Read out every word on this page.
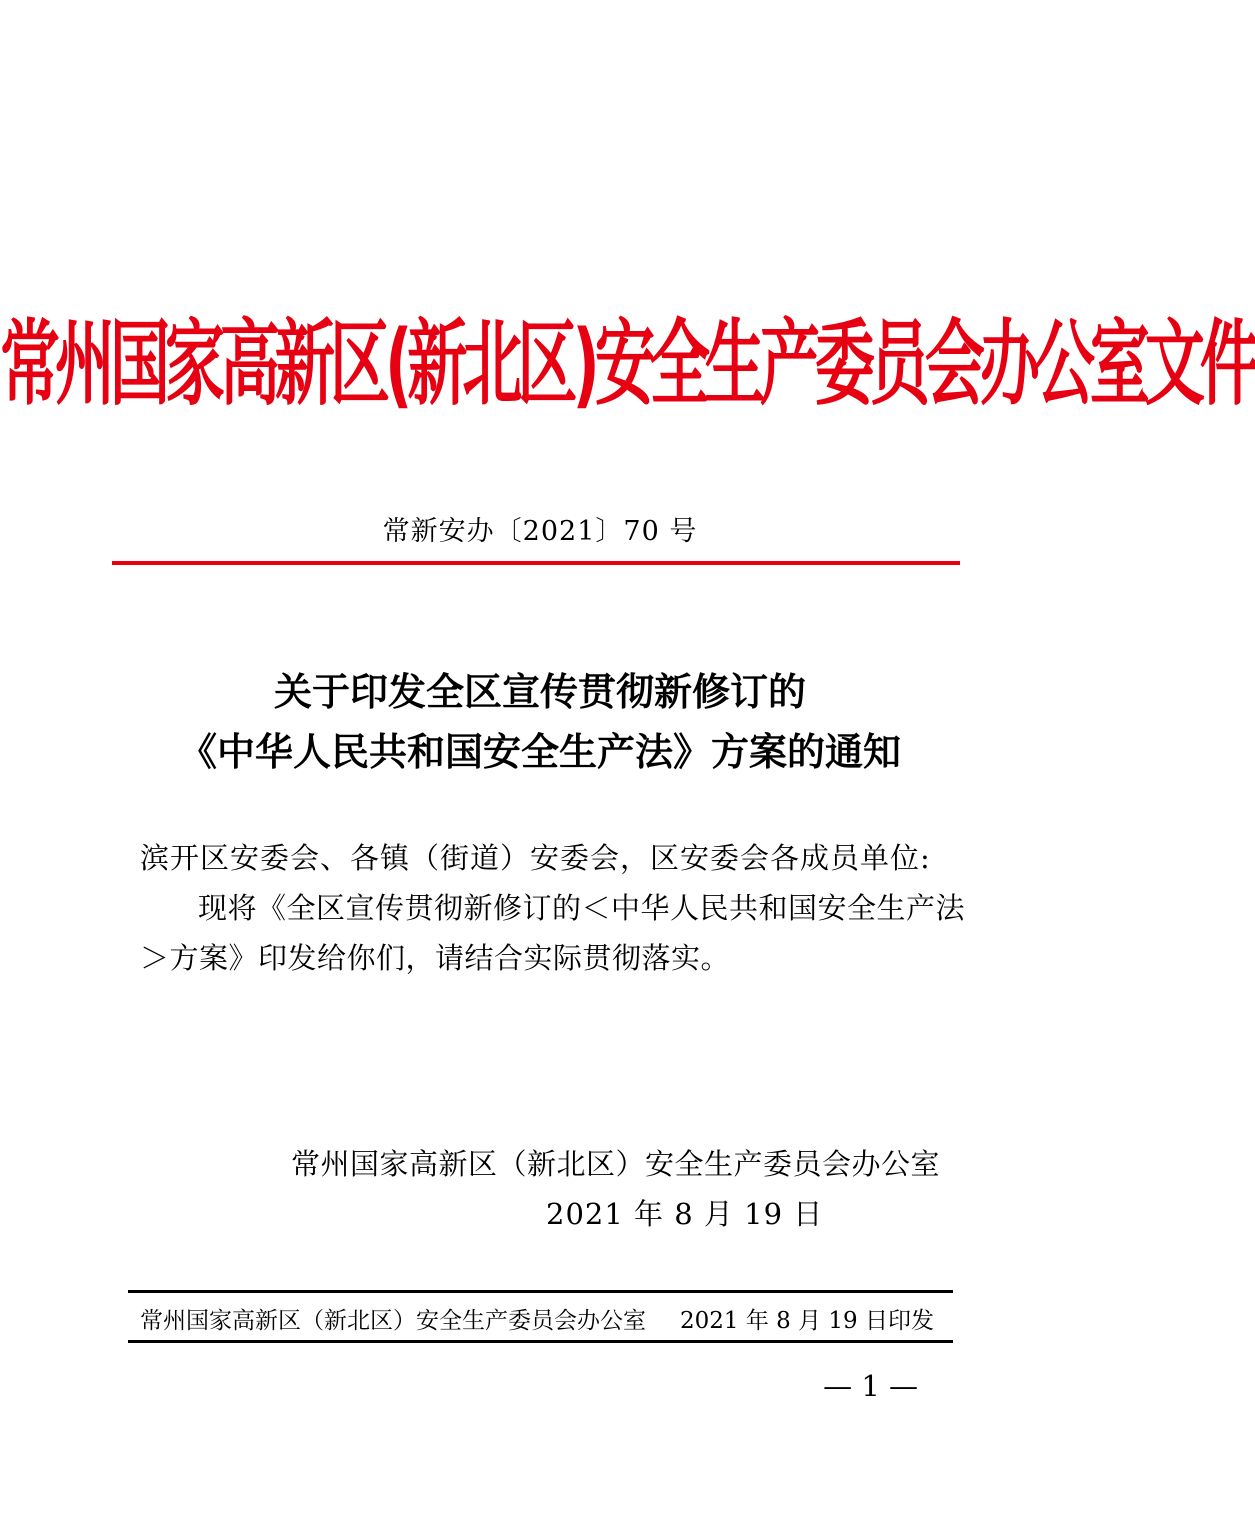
常州国家高新区(新北区)安全生产委员会办公室文件
常新安办〔2021〕70 号
关于印发全区宣传贯彻新修订的
《中华人民共和国安全生产法》方案的通知
滨开区安委会、各镇（街道）安委会，区安委会各成员单位:
现将《全区宣传贯彻新修订的＜中华人民共和国安全生产法
＞方案》印发给你们，请结合实际贯彻落实。
常州国家高新区（新北区）安全生产委员会办公室
2021 年 8 月 19 日
常州国家高新区（新北区）安全生产委员会办公室 2021 年 8 月 19 日印发
— 1 —
